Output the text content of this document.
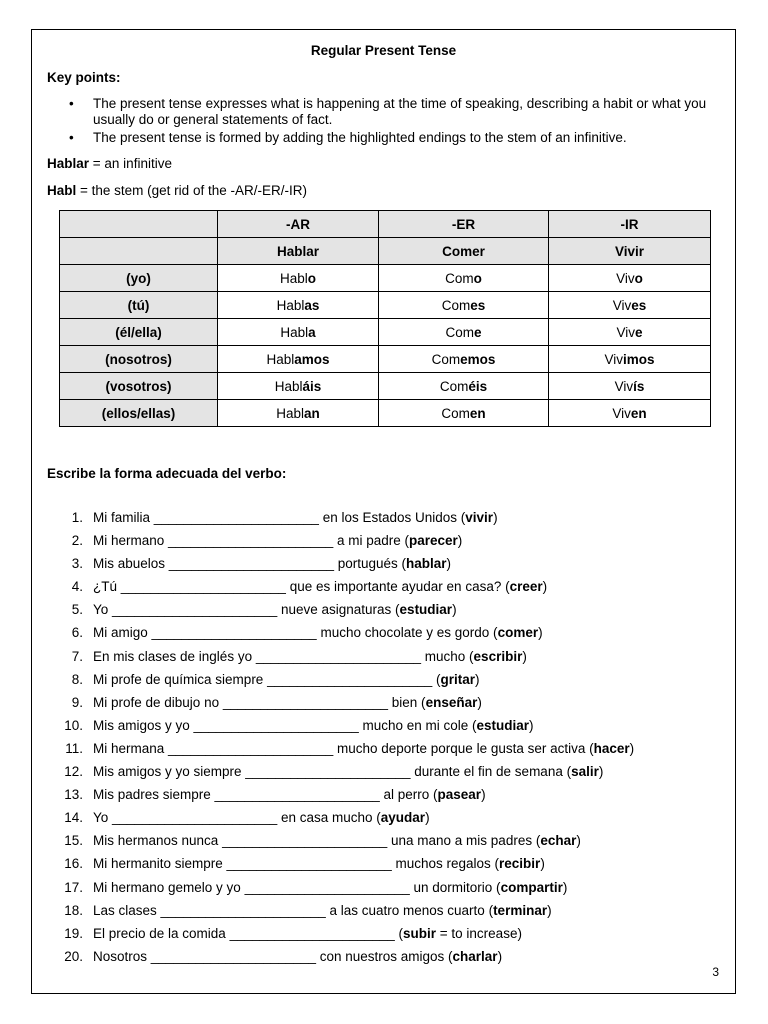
Regular Present Tense
Key points:
• The present tense expresses what is happening at the time of speaking, describing a habit or what you usually do or general statements of fact.
• The present tense is formed by adding the highlighted endings to the stem of an infinitive.
Hablar = an infinitive
Habl = the stem (get rid of the -AR/-ER/-IR)
	-AR	-ER	-IR
	Hablar	Comer	Vivir
(yo)	Hablo	Como	Vivo
(tú)	Hablas	Comes	Vives
(él/ella)	Habla	Come	Vive
(nosotros)	Hablamos	Comemos	Vivimos
(vosotros)	Habláis	Coméis	Vivís
(ellos/ellas)	Hablan	Comen	Viven
Escribe la forma adecuada del verbo:
1. Mi familia ______________________ en los Estados Unidos (vivir)
2. Mi hermano ______________________ a mi padre (parecer)
3. Mis abuelos ______________________ portugués (hablar)
4. ¿Tú ______________________ que es importante ayudar en casa? (creer)
5. Yo ______________________ nueve asignaturas (estudiar)
6. Mi amigo ______________________ mucho chocolate y es gordo (comer)
7. En mis clases de inglés yo ______________________ mucho (escribir)
8. Mi profe de química siempre ______________________ (gritar)
9. Mi profe de dibujo no ______________________ bien (enseñar)
10. Mis amigos y yo ______________________ mucho en mi cole (estudiar)
11. Mi hermana ______________________ mucho deporte porque le gusta ser activa (hacer)
12. Mis amigos y yo siempre ______________________ durante el fin de semana (salir)
13. Mis padres siempre ______________________ al perro (pasear)
14. Yo ______________________ en casa mucho (ayudar)
15. Mis hermanos nunca ______________________ una mano a mis padres (echar)
16. Mi hermanito siempre ______________________ muchos regalos (recibir)
17. Mi hermano gemelo y yo ______________________ un dormitorio (compartir)
18. Las clases ______________________ a las cuatro menos cuarto (terminar)
19. El precio de la comida ______________________ (subir = to increase)
20. Nosotros ______________________ con nuestros amigos (charlar)
3
